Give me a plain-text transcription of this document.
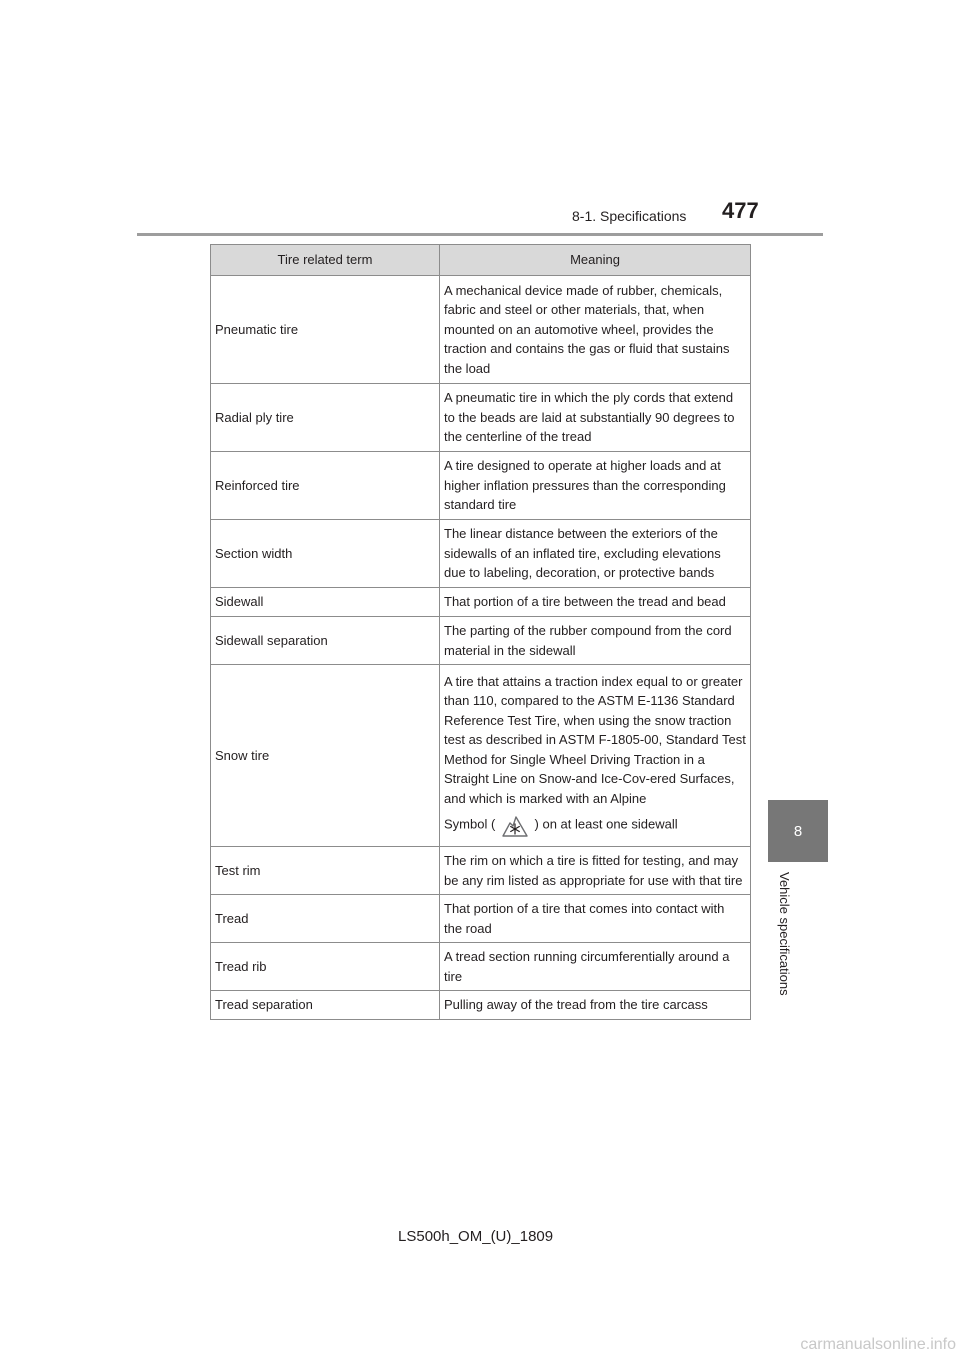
8-1. Specifications 477
8
Vehicle specifications
Tire related term	Meaning
Pneumatic tire	A mechanical device made of rubber, chemicals, fabric and steel or other materials, that, when mounted on an automotive wheel, provides the traction and contains the gas or fluid that sustains the load
Radial ply tire	A pneumatic tire in which the ply cords that extend to the beads are laid at substantially 90 degrees to the centerline of the tread
Reinforced tire	A tire designed to operate at higher loads and at higher inflation pressures than the corresponding standard tire
Section width	The linear distance between the exteriors of the sidewalls of an inflated tire, excluding elevations due to labeling, decoration, or protective bands
Sidewall	That portion of a tire between the tread and bead
Sidewall separation	The parting of the rubber compound from the cord material in the sidewall
Snow tire	A tire that attains a traction index equal to or greater than 110, compared to the ASTM E-1136 Standard Reference Test Tire, when using the snow traction test as described in ASTM F-1805-00, Standard Test Method for Single Wheel Driving Traction in a Straight Line on Snow-and Ice-Cov-ered Surfaces, and which is marked with an Alpine
Symbol ( ) on at least one sidewall

Test rim	The rim on which a tire is fitted for testing, and may be any rim listed as appropriate for use with that tire
Tread	That portion of a tire that comes into contact with the road
Tread rib	A tread section running circumferentially around a tire
Tread separation	Pulling away of the tread from the tire carcass
LS500h_OM_(U)_1809
carmanualsonline.info
